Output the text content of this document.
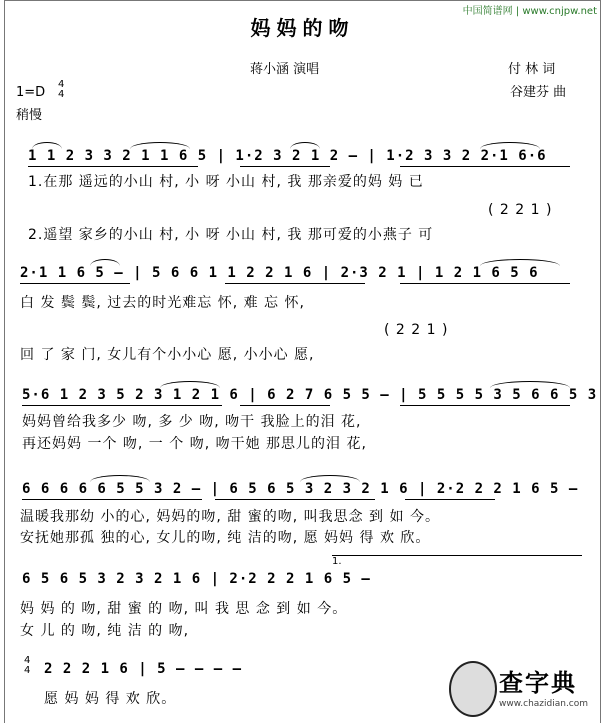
中国简谱网 | www.cnjpw.net
妈妈的吻
蒋小涵 演唱	付 林 词
谷建芬 曲
1=D
4
4
稍慢
1 1 2 3 3 2 1 1 6 5 | 1·2 3 2 1 2 – | 1·2 3 3 2 2·1 6·6
1.在那 遥远的小山 村, 小 呀 小山 村, 我 那亲爱的妈 妈 已
( 2 2 1 )
2.遥望 家乡的小山 村, 小 呀 小山 村, 我 那可爱的小燕子 可
2·1 1 6 5 – | 5 6 6 1 1 2 2 1 6 | 2·3 2 1 | 1 2 1 6 5 6
白 发 鬓 鬓, 过去的时光难忘 怀, 难 忘 怀,
( 2 2 1 )
回 了 家 门, 女儿有个小小心 愿, 小小心 愿,
5·6 1 2 3 5 2 3 1 2 1 6 | 6 2 7 6 5 5 – | 5 5 5 5 3 5 6 6 5 3
妈妈曾给我多少 吻, 多 少 吻, 吻干 我脸上的泪 花,
再还妈妈 一个 吻, 一 个 吻, 吻干她 那思儿的泪 花,
6 6 6 6 6 5 5 3 2 – | 6 5 6 5 3 2 3 2 1 6 | 2·2 2 2 1 6 5 –
温暖我那幼 小的心, 妈妈的吻, 甜 蜜的吻, 叫我思念 到 如 今。
安抚她那孤 独的心, 女儿的吻, 纯 洁的吻, 愿 妈妈 得 欢 欣。
1.
6 5 6 5 3 2 3 2 1 6 | 2·2 2 2 1 6 5 –
妈 妈 的 吻, 甜 蜜 的 吻, 叫 我 思 念 到 如 今。
女 儿 的 吻, 纯 洁 的 吻,
4
4 2 2 2 1 6 | 5 – – – –
愿 妈 妈 得 欢 欣。
查字典
www.chazidian.com
